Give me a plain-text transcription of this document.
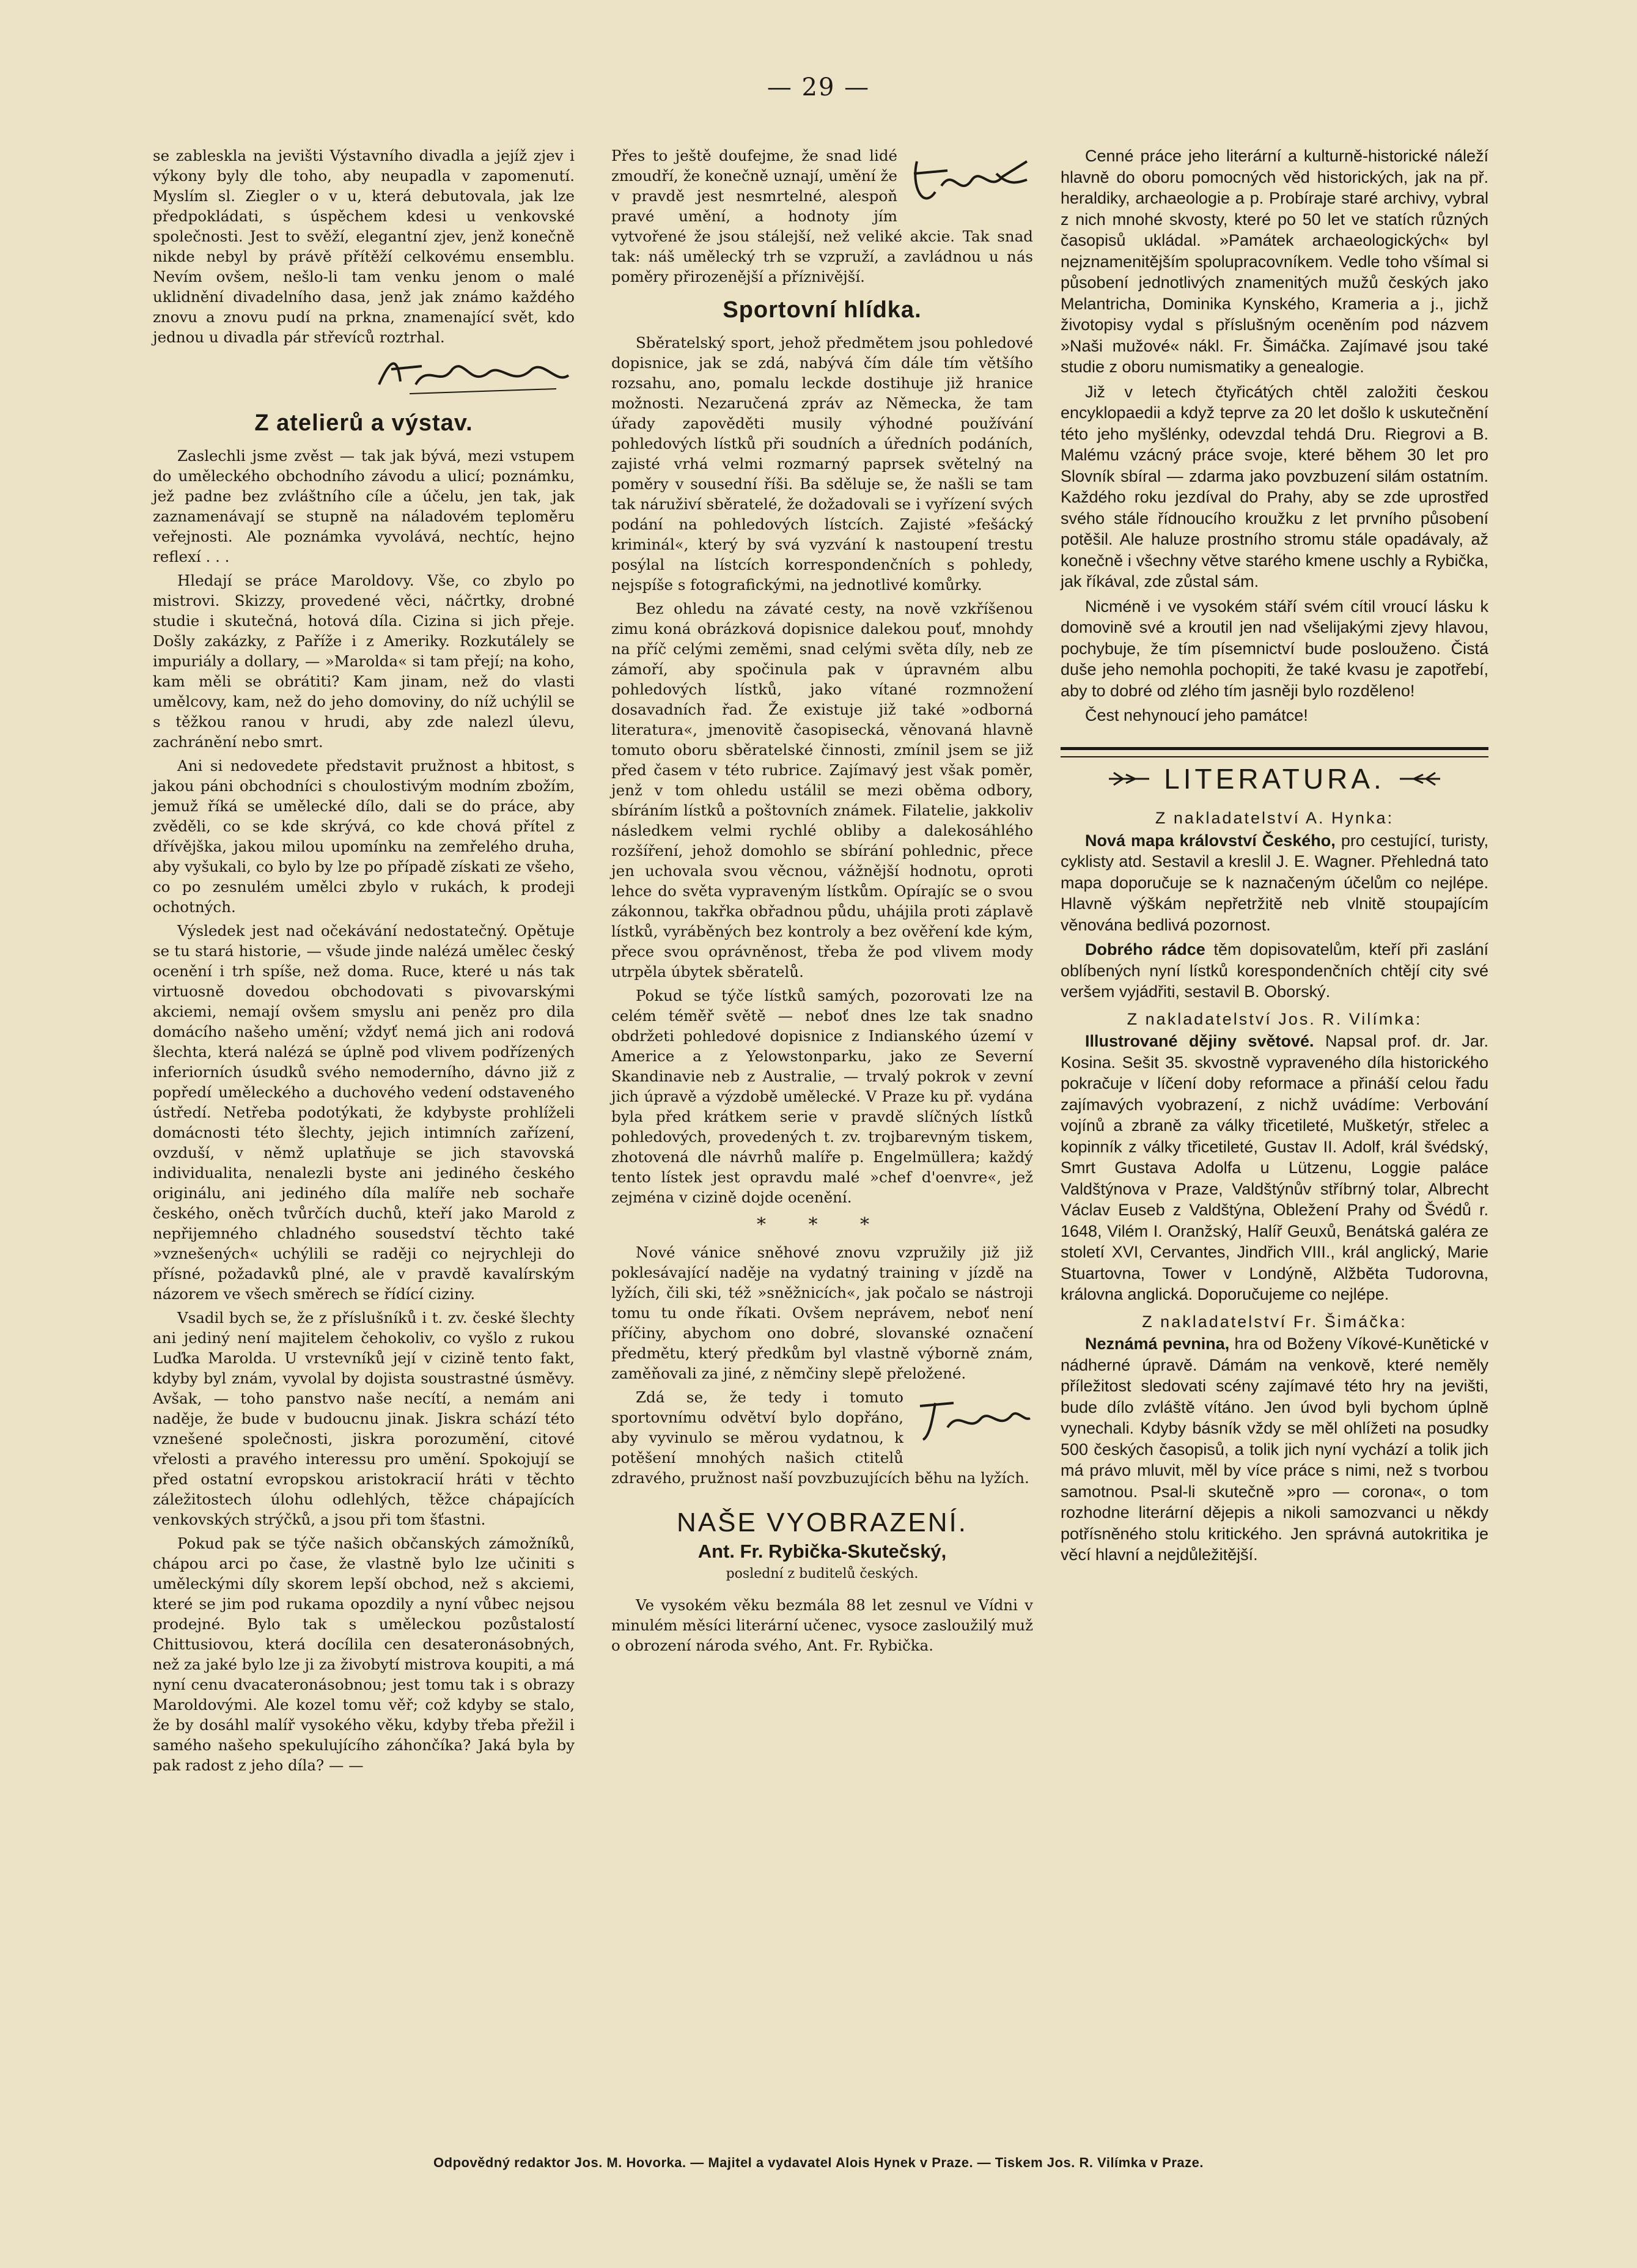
— 29 —

se zableskla na jevišti Výstavního divadla a jejíž zjev i výkony byly dle toho, aby neupadla v zapomenutí. Myslím sl. Ziegler o v u, která debutovala, jak lze předpokládati, s úspěchem kdesi u venkovské společnosti. Jest to svěží, elegantní zjev, jenž konečně nikde nebyl by právě přítěží celkovému ensemblu. Nevím ovšem, nešlo-li tam venku jenom o malé uklidnění divadelního dasa, jenž jak známo každého znovu a znovu pudí na prkna, znamenající svět, kdo jednou u divadla pár střevíců roztrhal.

Z atelierů a výstav.

Zaslechli jsme zvěst — tak jak bývá, mezi vstupem do uměleckého obchodního závodu a ulicí; poznámku, jež padne bez zvláštního cíle a účelu, jen tak, jak zaznamenávají se stupně na náladovém teploměru veřejnosti. Ale poznámka vyvolává, nechtíc, hejno reflexí . . .

Hledají se práce Maroldovy. Vše, co zbylo po mistrovi. Skizzy, provedené věci, náčrtky, drobné studie i skutečná, hotová díla. Cizina si jich přeje. Došly zakázky, z Paříže i z Ameriky. Rozkutálely se impuriály a dollary, — »Marolda« si tam přejí; na koho, kam měli se obrátiti? Kam jinam, než do vlasti umělcovy, kam, než do jeho domoviny, do níž uchýlil se s těžkou ranou v hrudi, aby zde nalezl úlevu, zachránění nebo smrt.

Ani si nedovedete představit pružnost a hbitost, s jakou páni obchodníci s choulostivým modním zbožím, jemuž říká se umělecké dílo, dali se do práce, aby zvěděli, co se kde skrývá, co kde chová přítel z dřívějška, jakou milou upomínku na zemřelého druha, aby vyšukali, co bylo by lze po případě získati ze všeho, co po zesnulém umělci zbylo v rukách, k prodeji ochotných.

Výsledek jest nad očekávání nedostatečný. Opětuje se tu stará historie, — všude jinde nalézá umělec český ocenění i trh spíše, než doma. Ruce, které u nás tak virtuosně dovedou obchodovati s pivovarskými akciemi, nemají ovšem smyslu ani peněz pro dila domácího našeho umění; vždyť nemá jich ani rodová šlechta, která nalézá se úplně pod vlivem podřízených inferiorních úsudků svého nemoderního, dávno již z popředí uměleckého a duchového vedení odstaveného ústředí. Netřeba podotýkati, že kdybyste prohlíželi domácnosti této šlechty, jejich intimních zařízení, ovzduší, v němž uplatňuje se jich stavovská individualita, nenalezli byste ani jediného českého originálu, ani jediného díla malíře neb sochaře českého, oněch tvůrčích duchů, kteří jako Marold z nepřijemného chladného sousedství těchto také »vznešených« uchýlili se raději co nejrychleji do přísné, požadavků plné, ale v pravdě kavalírským názorem ve všech směrech se řídící ciziny.

Vsadil bych se, že z příslušníků i t. zv. české šlechty ani jediný není majitelem čehokoliv, co vyšlo z rukou Luďka Marolda. U vrstevníků její v cizině tento fakt, kdyby byl znám, vyvolal by dojista soustrastné úsměvy. Avšak, — toho panstvo naše necítí, a nemám ani naděje, že bude v budoucnu jinak. Jiskra schází této vznešené společnosti, jiskra porozumění, citové vřelosti a pravého interessu pro umění. Spokojují se před ostatní evropskou aristokracií hráti v těchto záležitostech úlohu odlehlých, těžce chápajících venkovských strýčků, a jsou při tom šťastni.

Pokud pak se týče našich občanských zámožníků, chápou arci po čase, že vlastně bylo lze učiniti s uměleckými díly skorem lepší obchod, než s akciemi, které se jim pod rukama opozdily a nyní vůbec nejsou prodejné. Bylo tak s uměleckou pozůstalostí Chittusiovou, která docílila cen desateronásobných, než za jaké bylo lze ji za živobytí mistrova koupiti, a má nyní cenu dvacateronásobnou; jest tomu tak i s obrazy Maroldovými. Ale kozel tomu věř; což kdyby se stalo, že by dosáhl malíř vysokého věku, kdyby třeba přežil i samého našeho spekulujícího záhončíka? Jaká byla by pak radost z jeho díla? — —

Přes to ještě doufejme, že snad lidé zmoudří, že konečně uznají, umění že v pravdě jest nesmrtelné, alespoň pravé umění, a hodnoty jím vytvořené že jsou stálejší, než veliké akcie. Tak snad tak: náš umělecký trh se vzpruží, a zavládnou u nás poměry přirozenější a příznivější.

Sportovní hlídka.

Sběratelský sport, jehož předmětem jsou pohledové dopisnice, jak se zdá, nabývá čím dále tím většího rozsahu, ano, pomalu leckde dostihuje již hranice možnosti. Nezaručená zpráv az Německa, že tam úřady zapověděti musily výhodné používání pohledových lístků při soudních a úředních podáních, zajisté vrhá velmi rozmarný paprsek světelný na poměry v sousední říši. Ba sděluje se, že našli se tam tak náruživí sběratelé, že dožadovali se i vyřízení svých podání na pohledových lístcích. Zajisté »fešácký kriminál«, který by svá vyzvání k nastoupení trestu posýlal na lístcích korrespondenčních s pohledy, nejspíše s fotografickými, na jednotlivé komůrky.

Bez ohledu na závaté cesty, na nově vzkříšenou zimu koná obrázková dopisnice dalekou pouť, mnohdy na příč celými zeměmi, snad celými světa díly, neb ze zámoří, aby spočinula pak v úpravném albu pohledových lístků, jako vítané rozmnožení dosavadních řad. Že existuje již také »odborná literatura«, jmenovitě časopisecká, věnovaná hlavně tomuto oboru sběratelské činnosti, zmínil jsem se již před časem v této rubrice. Zajímavý jest však poměr, jenž v tom ohledu ustálil se mezi oběma odbory, sbíráním lístků a poštovních známek. Filatelie, jakkoliv následkem velmi rychlé obliby a dalekosáhlého rozšíření, jehož domohlo se sbírání pohlednic, přece jen uchovala svou věcnou, vážnější hodnotu, oproti lehce do světa vypraveným lístkům. Opírajíc se o svou zákonnou, takřka obřadnou půdu, uhájila proti záplavě lístků, vyráběných bez kontroly a bez ověření kde kým, přece svou oprávněnost, třeba že pod vlivem mody utrpěla úbytek sběratelů.

Pokud se týče lístků samých, pozorovati lze na celém téměř světě — neboť dnes lze tak snadno obdržeti pohledové dopisnice z Indianského území v Americe a z Yelowstonparku, jako ze Severní Skandinavie neb z Australie, — trvalý pokrok v zevní jich úpravě a výzdobě umělecké. V Praze ku př. vydána byla před krátkem serie v pravdě slíčných lístků pohledových, provedených t. zv. trojbarevným tiskem, zhotovená dle návrhů malíře p. Engelmüllera; každý tento lístek jest opravdu malé »chef d'oenvre«, jež zejména v cizině dojde ocenění.

* * *

Nové vánice sněhové znovu vzpružily již již poklesávající naděje na vydatný training v jízdě na lyžích, čili ski, též »sněžnicích«, jak počalo se nástroji tomu tu onde říkati. Ovšem neprávem, neboť není příčiny, abychom ono dobré, slovanské označení předmětu, který předkům byl vlastně výborně znám, zaměňovali za jiné, z němčiny slepě přeložené.

Zdá se, že tedy i tomuto sportovnímu odvětví bylo dopřáno, aby vyvinulo se měrou vydatnou, k potěšení mnohých našich ctitelů zdravého, pružnost naší povzbuzujících běhu na lyžích.

NAŠE VYOBRAZENÍ.
Ant. Fr. Rybička-Skutečský,
poslední z buditelů českých.

Ve vysokém věku bezmála 88 let zesnul ve Vídni v minulém měsíci literární učenec, vysoce zasloužilý muž o obrození národa svého, Ant. Fr. Rybička.

Cenné práce jeho literární a kulturně-historické náleží hlavně do oboru pomocných věd historických, jak na př. heraldiky, archaeologie a p. Probíraje staré archivy, vybral z nich mnohé skvosty, které po 50 let ve statích různých časopisů ukládal. »Památek archaeologických« byl nejznamenitějším spolupracovníkem. Vedle toho všímal si působení jednotlivých znamenitých mužů českých jako Melantricha, Dominika Kynského, Krameria a j., jichž životopisy vydal s příslušným oceněním pod názvem »Naši mužové« nákl. Fr. Šimáčka. Zajímavé jsou také studie z oboru numismatiky a genealogie.

Již v letech čtyřicátých chtěl založiti českou encyklopaedii a když teprve za 20 let došlo k uskutečnění této jeho myšlénky, odevzdal tehdá Dru. Riegrovi a B. Malému vzácný práce svoje, které během 30 let pro Slovník sbíral — zdarma jako povzbuzení silám ostatním. Každého roku jezdíval do Prahy, aby se zde uprostřed svého stále řídnoucího kroužku z let prvního působení potěšil. Ale haluze prostního stromu stále opadávaly, až konečně i všechny větve starého kmene uschly a Rybička, jak říkával, zde zůstal sám.

Nicméně i ve vysokém stáří svém cítil vroucí lásku k domovině své a kroutil jen nad všelijakými zjevy hlavou, pochybuje, že tím písemnictví bude poslouženo. Čistá duše jeho nemohla pochopiti, že také kvasu je zapotřebí, aby to dobré od zlého tím jasněji bylo rozděleno!

Čest nehynoucí jeho památce!

LITERATURA.
Z nakladatelství A. Hynka:

Nová mapa království Českého, pro cestující, turisty, cyklisty atd. Sestavil a kreslil J. E. Wagner. Přehledná tato mapa doporučuje se k naznačeným účelům co nejlépe. Hlavně výškám nepřetržitě neb vlnitě stoupajícím věnována bedlivá pozornost.

Dobrého rádce těm dopisovatelům, kteří při zaslání oblíbených nyní lístků korespondenčních chtějí city své veršem vyjádřiti, sestavil B. Oborský.

Z nakladatelství Jos. R. Vilímka:

Illustrované dějiny světové. Napsal prof. dr. Jar. Kosina. Sešit 35. skvostně vypraveného díla historického pokračuje v líčení doby reformace a přináší celou řadu zajímavých vyobrazení, z nichž uvádíme: Verbování vojínů a zbraně za války třicetileté, Mušketýr, střelec a kopinník z války třicetileté, Gustav II. Adolf, král švédský, Smrt Gustava Adolfa u Lützenu, Loggie paláce Valdštýnova v Praze, Valdštýnův stříbrný tolar, Albrecht Václav Euseb z Valdštýna, Obležení Prahy od Švédů r. 1648, Vilém I. Oranžský, Halíř Geuxů, Benátská galéra ze století XVI, Cervantes, Jindřich VIII., král anglický, Marie Stuartovna, Tower v Londýně, Alžběta Tudorovna, královna anglická. Doporučujeme co nejlépe.

Z nakladatelství Fr. Šimáčka:

Neznámá pevnina, hra od Boženy Víkové-Kunětické v nádherné úpravě. Dámám na venkově, které neměly příležitost sledovati scény zajímavé této hry na jevišti, bude dílo zvláště vítáno. Jen úvod byli bychom úplně vynechali. Kdyby básník vždy se měl ohlížeti na posudky 500 českých časopisů, a tolik jich nyní vychází a tolik jich má právo mluvit, měl by více práce s nimi, než s tvorbou samotnou. Psal-li skutečně »pro — corona«, o tom rozhodne literární dějepis a nikoli samozvanci u někdy potřísněného stolu kritického. Jen správná autokritika je věcí hlavní a nejdůležitější.

Odpovědný redaktor Jos. M. Hovorka. — Majitel a vydavatel Alois Hynek v Praze. — Tiskem Jos. R. Vilímka v Praze.
